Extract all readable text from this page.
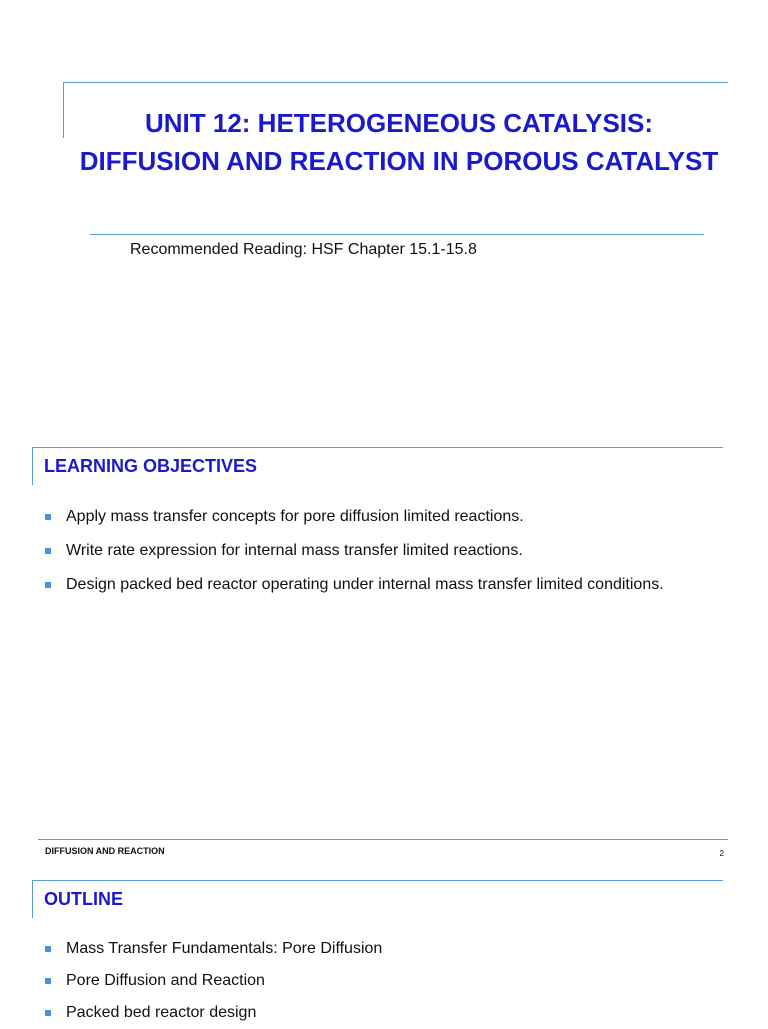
UNIT 12: HETEROGENEOUS CATALYSIS:
DIFFUSION AND REACTION IN POROUS CATALYST
Recommended Reading: HSF Chapter 15.1-15.8
LEARNING OBJECTIVES
Apply mass transfer concepts for pore diffusion limited reactions.
Write rate expression for internal mass transfer limited reactions.
Design packed bed reactor operating under internal mass transfer limited conditions.
DIFFUSION AND REACTION	2
OUTLINE
Mass Transfer Fundamentals: Pore Diffusion
Pore Diffusion and Reaction
Packed bed reactor design
